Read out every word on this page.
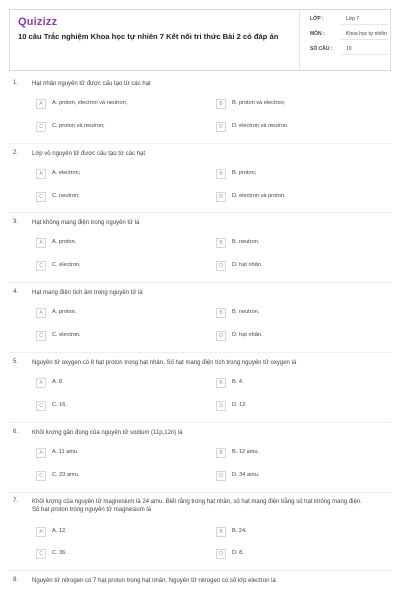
Quizizz
10 câu Trắc nghiệm Khoa học tự nhiên 7 Kết nối tri thức Bài 2 có đáp án
LỚP :	Lớp 7
MÔN :	Khoa học tự nhiên
SỐ CÂU :	10
1. Hạt nhân nguyên tử được cấu tạo từ các hạt
A	A. proton, electron và neutron;	B	B. proton và electron;
C	C. proton và neutron;	D	D. electron và neutron.
2. Lớp vỏ nguyên tử được cấu tạo từ các hạt
A	A. electron;	B	B. proton;
C	C. neutron;	D	D. electron và proton.
3. Hạt không mang điện trong nguyên tử là
A	A. proton.	B	B. neutron.
C	C. electron.	D	D. hạt nhân.
4. Hạt mang điện tích âm trong nguyên tử là
A	A. proton.	B	B. neutron.
C	C. electron.	D	D. hạt nhân.
5. Nguyên tử oxygen có 8 hạt proton trong hạt nhân. Số hạt mang điện tích trong nguyên tử oxygen là
A	A. 8.	B	B. 4.
C	C. 16.	D	D. 12.
6. Khối lượng gần đúng của nguyên tử sodium (11p,12n) là
A	A. 11 amu.	B	B. 12 amu.
C	C. 23 amu.	D	D. 34 amu.
7. Khối lượng của nguyên tử magnesium là 24 amu. Biết rằng trong hạt nhân, số hạt mang điện bằng số hạt không mang điện. Số hạt proton trong nguyên tử magnesium là
A	A. 12.	B	B. 24.
C	C. 36.	D	D. 8.
8. Nguyên tử nitrogen có 7 hạt proton trong hạt nhân. Nguyên tử nitrogen có số lớp electron là
